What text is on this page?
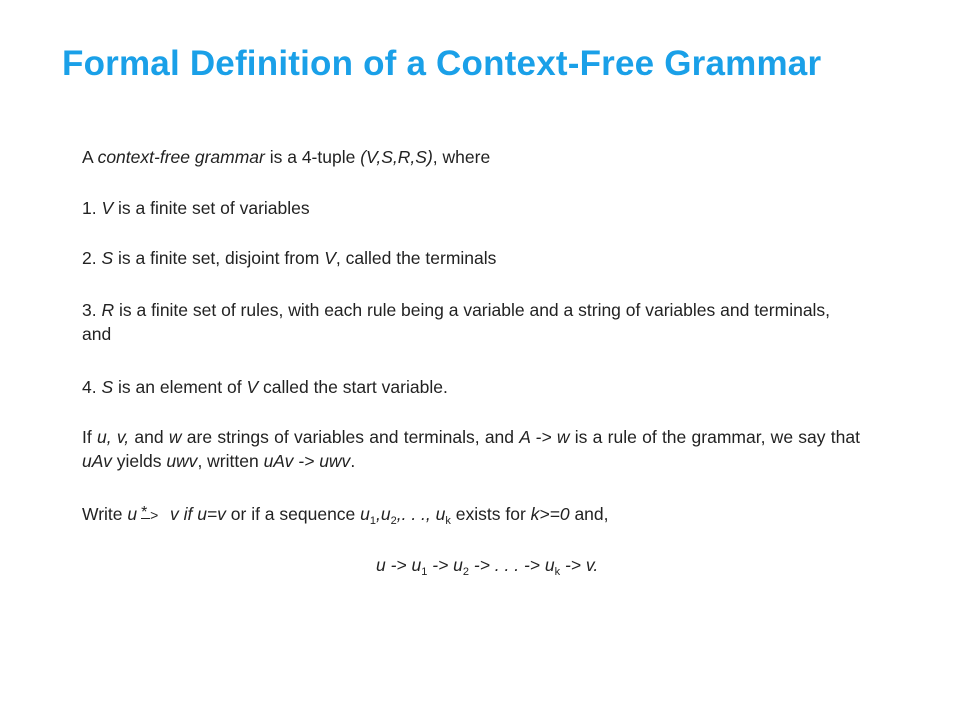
Formal Definition of a Context-Free Grammar
A context-free grammar is a 4-tuple (V,S,R,S), where
1. V is a finite set of variables
2. S is a finite set, disjoint from V, called the terminals
3. R is a finite set of rules, with each rule being a variable and a string of variables and terminals, and
4. S is an element of V called the start variable.
If u, v, and w are strings of variables and terminals, and A -> w is a rule of the grammar, we say that uAv yields uwv, written uAv -> uwv.
Write u * > v if u=v or if a sequence $u_1,u_2$,. . ., $u_k$ exists for k>=0 and,
$u -> u_1 -> u_2$ -> . . . -> $u_k -> v$.
